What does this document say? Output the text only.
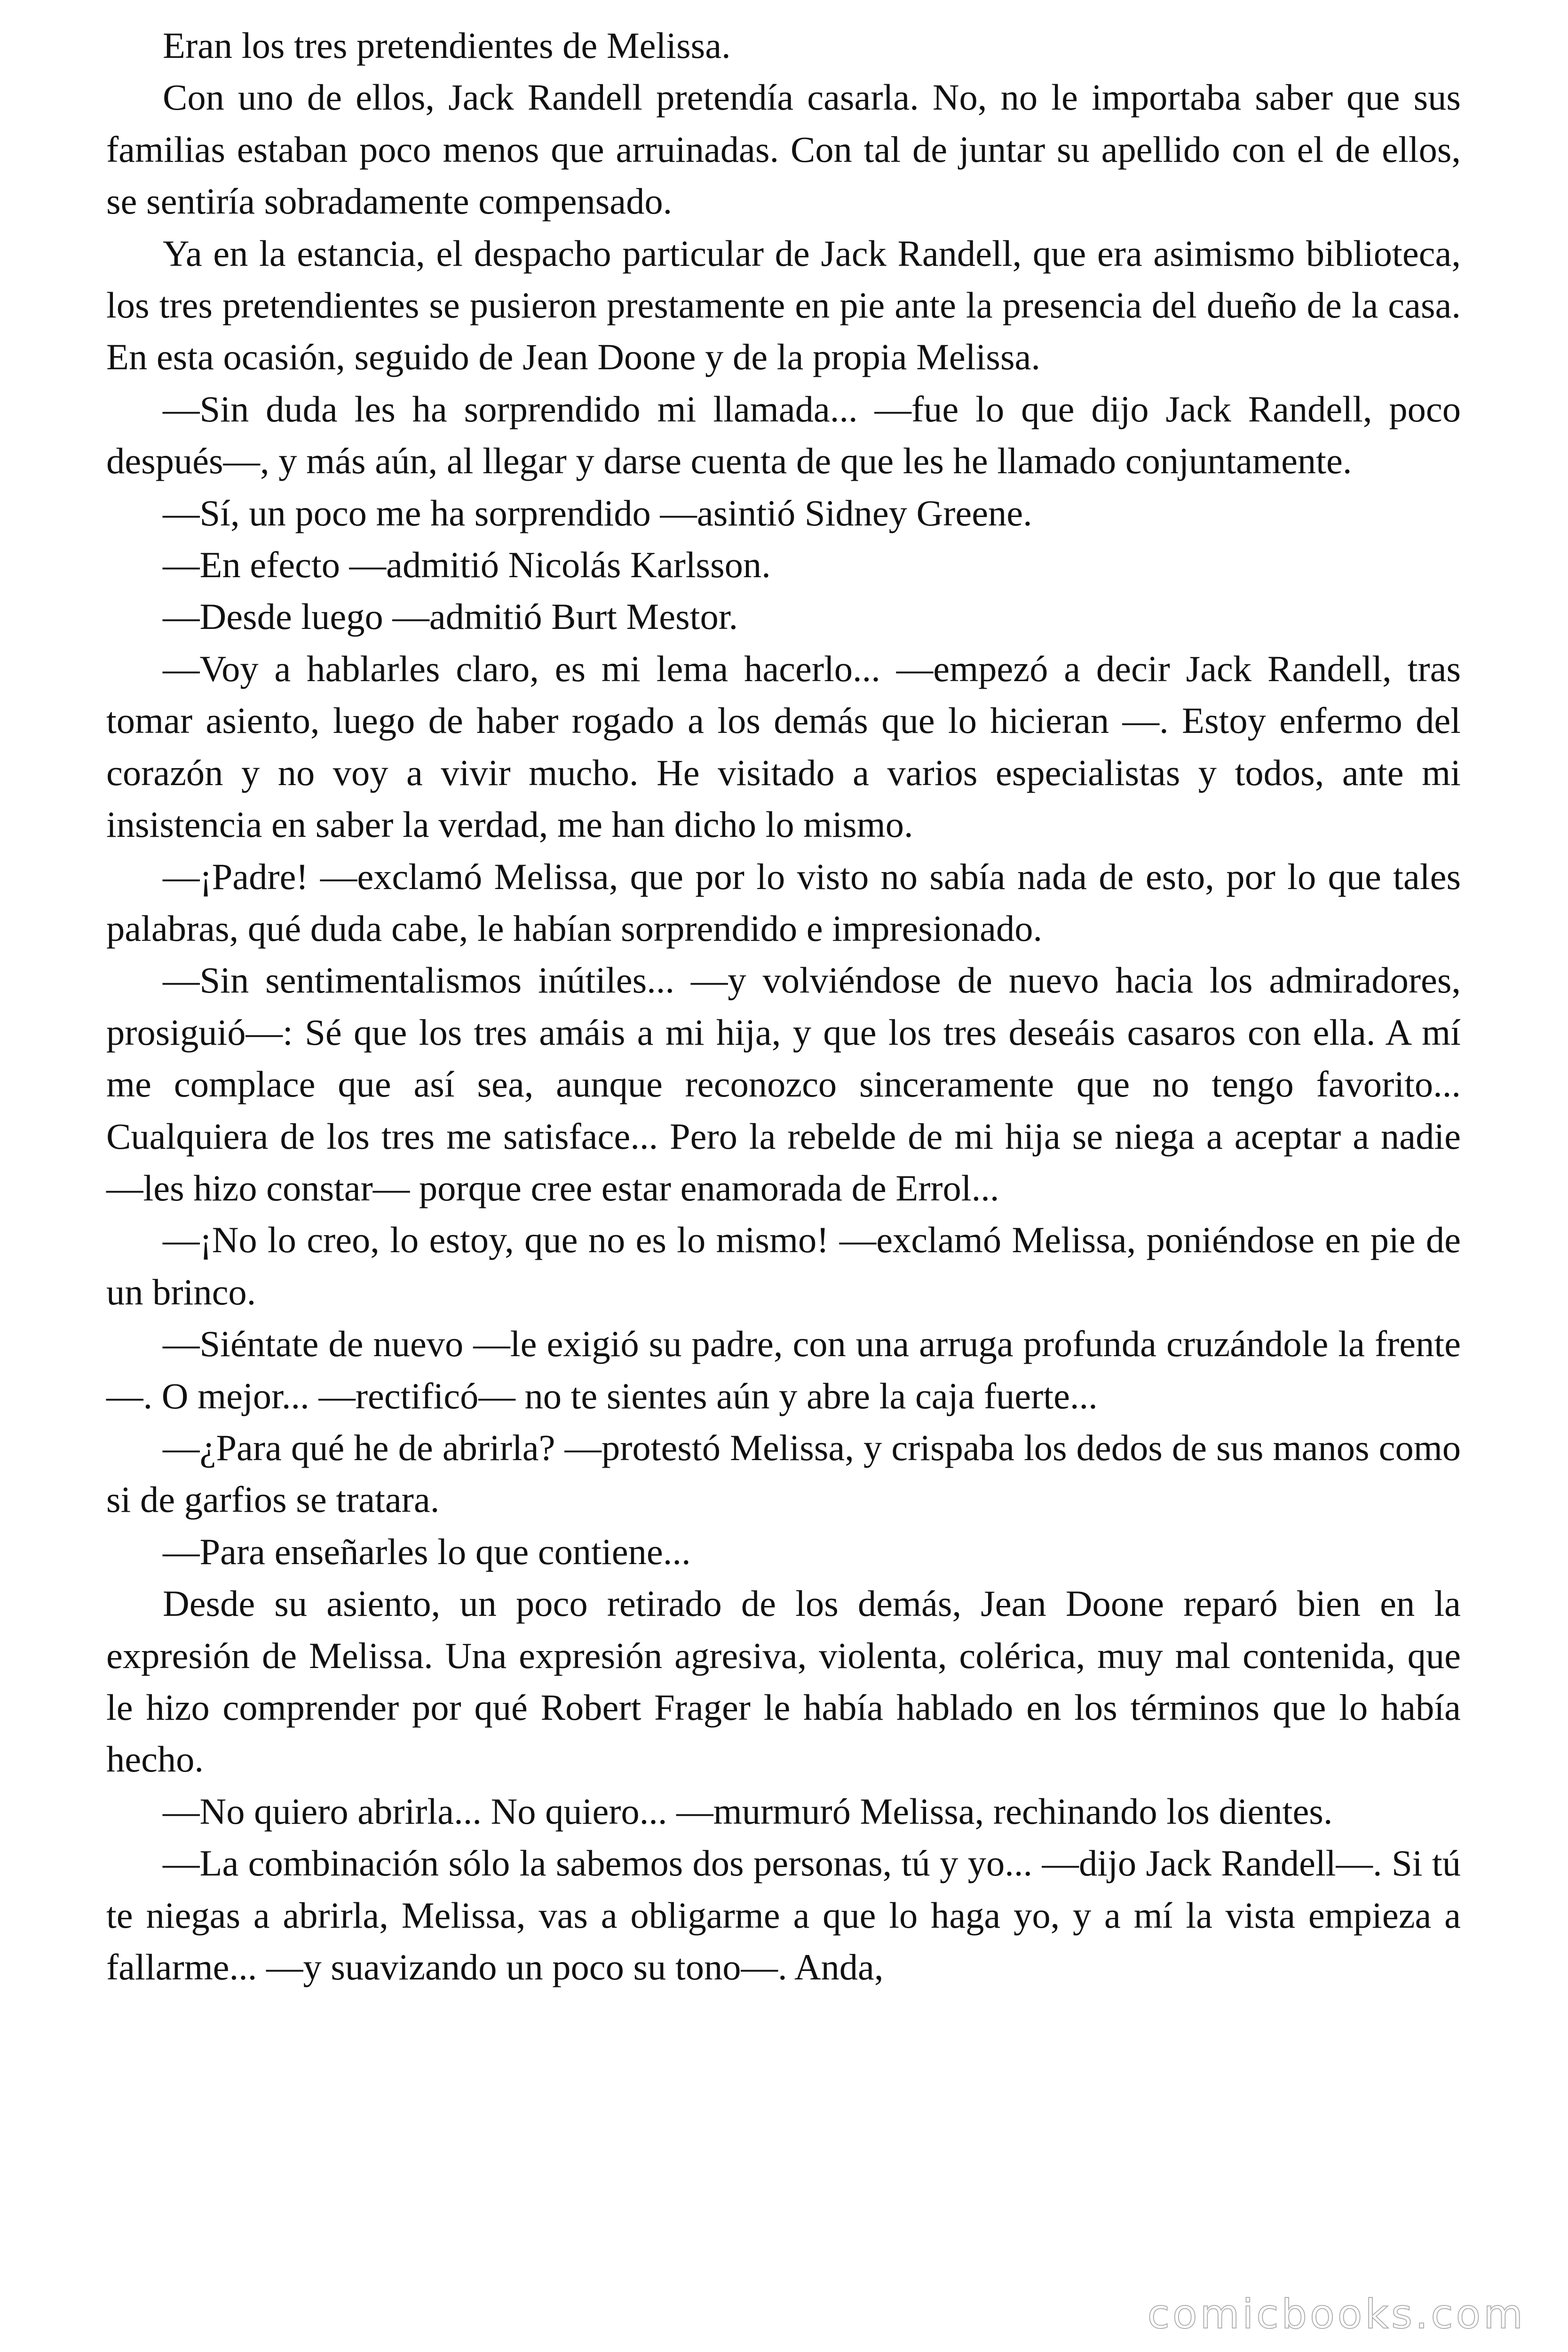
Eran los tres pretendientes de Melissa.

Con uno de ellos, Jack Randell pretendía casarla. No, no le importaba saber que sus familias estaban poco menos que arruinadas. Con tal de juntar su apellido con el de ellos, se sentiría sobradamente compensado.

Ya en la estancia, el despacho particular de Jack Randell, que era asimismo biblioteca, los tres pretendientes se pusieron prestamente en pie ante la presencia del dueño de la casa. En esta ocasión, seguido de Jean Doone y de la propia Melissa.

—Sin duda les ha sorprendido mi llamada... —fue lo que dijo Jack Randell, poco después—, y más aún, al llegar y darse cuenta de que les he llamado conjuntamente.

—Sí, un poco me ha sorprendido —asintió Sidney Greene.

—En efecto —admitió Nicolás Karlsson.

—Desde luego —admitió Burt Mestor.

—Voy a hablarles claro, es mi lema hacerlo... —empezó a decir Jack Randell, tras tomar asiento, luego de haber rogado a los demás que lo hicieran —. Estoy enfermo del corazón y no voy a vivir mucho. He visitado a varios especialistas y todos, ante mi insistencia en saber la verdad, me han dicho lo mismo.

—¡Padre! —exclamó Melissa, que por lo visto no sabía nada de esto, por lo que tales palabras, qué duda cabe, le habían sorprendido e impresionado.

—Sin sentimentalismos inútiles... —y volviéndose de nuevo hacia los admiradores, prosiguió—: Sé que los tres amáis a mi hija, y que los tres deseáis casaros con ella. A mí me complace que así sea, aunque reconozco sinceramente que no tengo favorito... Cualquiera de los tres me satisface... Pero la rebelde de mi hija se niega a aceptar a nadie —les hizo constar— porque cree estar enamorada de Errol...

—¡No lo creo, lo estoy, que no es lo mismo! —exclamó Melissa, poniéndose en pie de un brinco.

—Siéntate de nuevo —le exigió su padre, con una arruga profunda cruzándole la frente—. O mejor... —rectificó— no te sientes aún y abre la caja fuerte...

—¿Para qué he de abrirla? —protestó Melissa, y crispaba los dedos de sus manos como si de garfios se tratara.

—Para enseñarles lo que contiene...

Desde su asiento, un poco retirado de los demás, Jean Doone reparó bien en la expresión de Melissa. Una expresión agresiva, violenta, colérica, muy mal contenida, que le hizo comprender por qué Robert Frager le había hablado en los términos que lo había hecho.

—No quiero abrirla... No quiero... —murmuró Melissa, rechinando los dientes.

—La combinación sólo la sabemos dos personas, tú y yo... —dijo Jack Randell—. Si tú te niegas a abrirla, Melissa, vas a obligarme a que lo haga yo, y a mí la vista empieza a fallarme... —y suavizando un poco su tono—. Anda,

comicbooks.com
